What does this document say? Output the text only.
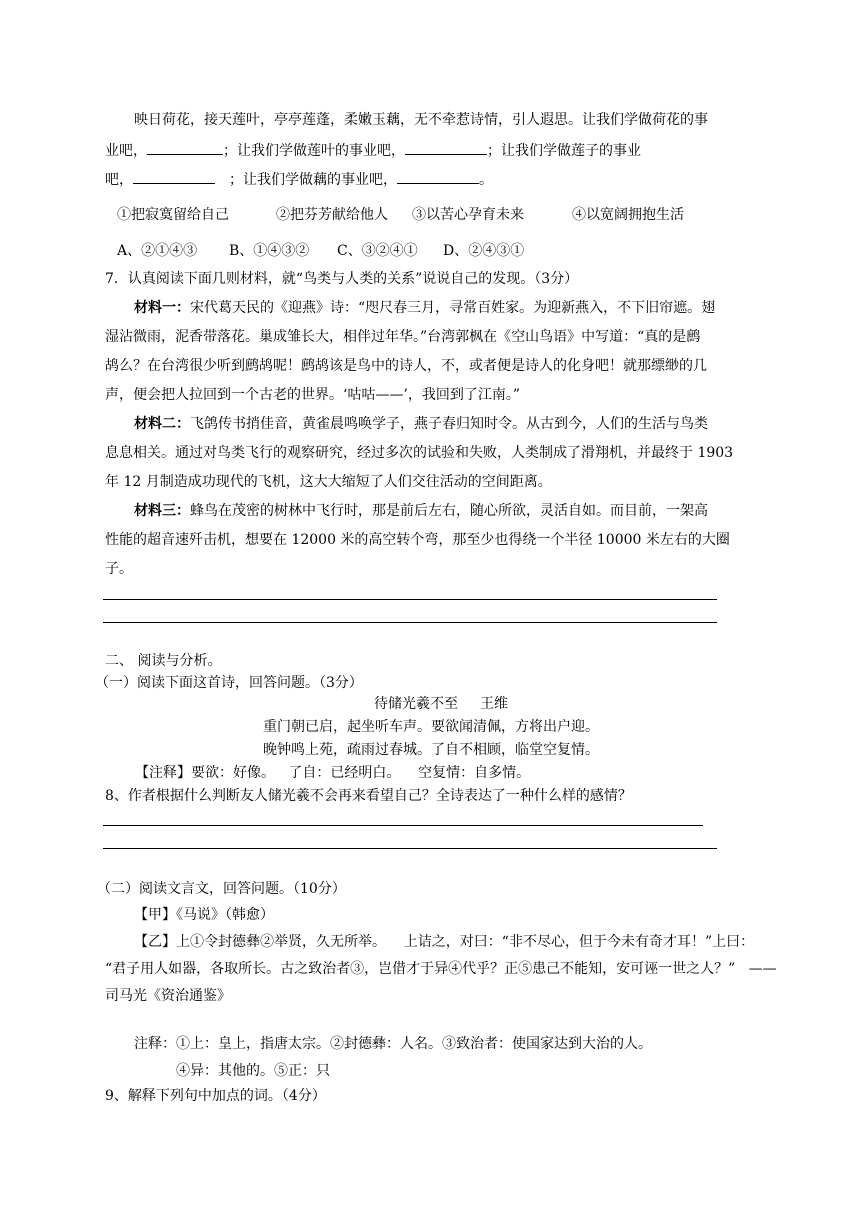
映日荷花，接天莲叶，亭亭莲蓬，柔嫩玉藕，无不牵惹诗情，引人遐思。让我们学做荷花的事
业吧，	；让我们学做莲叶的事业吧，	；让我们学做莲子的事业
吧，	；让我们学做藕的事业吧，	。
①把寂寞留给自己	②把芬芳献给他人 ③以苦心孕育未来	④以宽阔拥抱生活
A、②①④③ B、①④③② C、③②④① D、②④③①
7．认真阅读下面几则材料，就“鸟类与人类的关系”说说自己的发现。（3分）
材料一：宋代葛天民的《迎燕》诗：“咫尺春三月，寻常百姓家。为迎新燕入，不下旧帘遮。翅
湿沾微雨，泥香带落花。巢成雏长大，相伴过年华。”台湾郭枫在《空山鸟语》中写道：“真的是鹧
鸪么？在台湾很少听到鹧鸪呢！鹧鸪该是鸟中的诗人，不，或者便是诗人的化身吧！就那缥缈的几
声，便会把人拉回到一个古老的世界。‘咕咕——’，我回到了江南。”
材料二：飞鸽传书捎佳音，黄雀晨鸣唤学子，燕子春归知时令。从古到今，人们的生活与鸟类
息息相关。通过对鸟类飞行的观察研究，经过多次的试验和失败，人类制成了滑翔机，并最终于 1903
年 12 月制造成功现代的飞机，这大大缩短了人们交往活动的空间距离。
材料三：蜂鸟在茂密的树林中飞行时，那是前后左右，随心所欲，灵活自如。而目前，一架高
性能的超音速歼击机，想要在 12000 米的高空转个弯，那至少也得绕一个半径 10000 米左右的大圈
子。
二、 阅读与分析。
（一）阅读下面这首诗，回答问题。（3分）
待储光羲不至 王维
重门朝已启，起坐听车声。要欲闻清佩，方将出户迎。
晚钟鸣上苑，疏雨过春城。了自不相顾，临堂空复情。
【注释】要欲：好像。   了自：已经明白。    空复情：自多情。
8、作者根据什么判断友人储光羲不会再来看望自己？全诗表达了一种什么样的感情？
（二）阅读文言文，回答问题。（10分）
【甲】《马说》（韩愈）
【乙】上①令封德彝②举贤，久无所举。    上诘之，对曰：“非不尽心，但于今未有奇才耳！”上曰：
“君子用人如器，各取所长。古之致治者③，岂借才于异④代乎？正⑤患己不能知，安可诬一世之人？”   ——
司马光《资治通鉴》
注释：①上：皇上，指唐太宗。②封德彝：人名。③致治者：使国家达到大治的人。
④异：其他的。⑤正：只
9、解释下列句中加点的词。（4分）
